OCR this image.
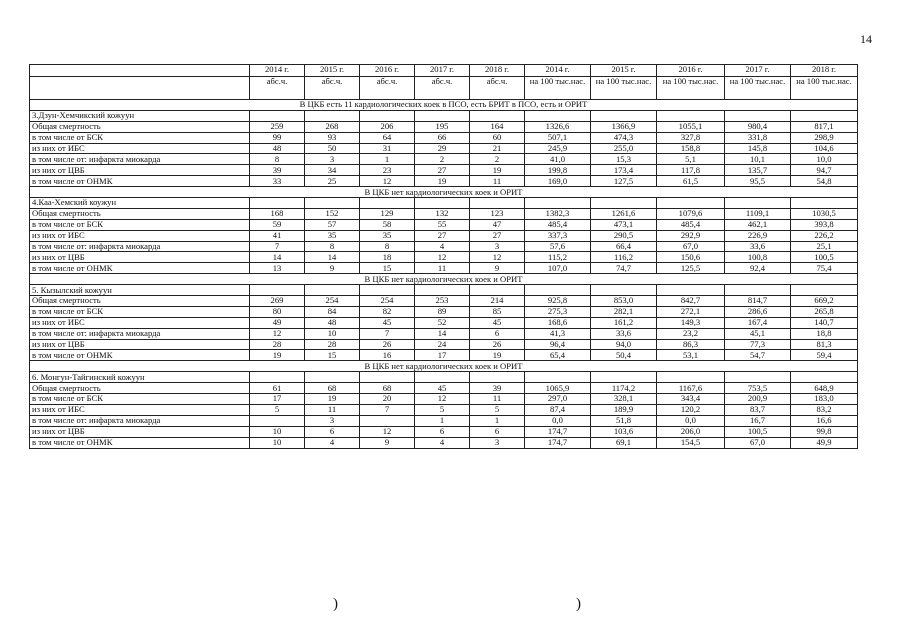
14
	2014 г.	2015 г.	2016 г.	2017 г.	2018 г.	2014 г.	2015 г.	2016 г.	2017 г.	2018 г.
	абс.ч.	абс.ч.	абс.ч.	абс.ч.	абс.ч.	на 100 тыс.нас.	на 100 тыс.нас.	на 100 тыс.нас.	на 100 тыс.нас.	на 100 тыс.нас.
В ЦКБ есть 11 кардиологических коек в ПСО, есть БРИТ в ПСО, есть и ОРИТ										
3.Дзун-Хемчикский кожуун										
Общая смертность	259	268	206	195	164	1326,6	1366,9	1055,1	980,4	817,1
в том числе от БСК	99	93	64	66	60	507,1	474,3	327,8	331,8	298,9
из них от ИБС	48	50	31	29	21	245,9	255,0	158,8	145,8	104,6
в том числе от: инфаркта миокарда	8	3	1	2	2	41,0	15,3	5,1	10,1	10,0
из них от ЦВБ	39	34	23	27	19	199,8	173,4	117,8	135,7	94,7
в том числе от ОНМК	33	25	12	19	11	169,0	127,5	61,5	95,5	54,8
В ЦКБ нет кардиологических коек и ОРИТ										
4.Каа-Хемский коужун										
Общая смертность	168	152	129	132	123	1382,3	1261,6	1079,6	1109,1	1030,5
в том числе от БСК	59	57	58	55	47	485,4	473,1	485,4	462,1	393,8
из них от ИБС	41	35	35	27	27	337,3	290,5	292,9	226,9	226,2
в том числе от: инфаркта миокарда	7	8	8	4	3	57,6	66,4	67,0	33,6	25,1
из них от ЦВБ	14	14	18	12	12	115,2	116,2	150,6	100,8	100,5
в том числе от ОНМК	13	9	15	11	9	107,0	74,7	125,5	92,4	75,4
В ЦКБ нет кардиологических коек и ОРИТ										
5. Кызылский кожуун										
Общая смертность	269	254	254	253	214	925,8	853,0	842,7	814,7	669,2
в том числе от БСК	80	84	82	89	85	275,3	282,1	272,1	286,6	265,8
из них от ИБС	49	48	45	52	45	168,6	161,2	149,3	167,4	140,7
в том числе от: инфаркта миокарда	12	10	7	14	6	41,3	33,6	23,2	45,1	18,8
из них от ЦВБ	28	28	26	24	26	96,4	94,0	86,3	77,3	81,3
в том числе от ОНМК	19	15	16	17	19	65,4	50,4	53,1	54,7	59,4
В ЦКБ нет кардиологических коек и ОРИТ										
6. Монгун-Тайгинский кожуун										
Общая смертность	61	68	68	45	39	1065,9	1174,2	1167,6	753,5	648,9
в том числе от БСК	17	19	20	12	11	297,0	328,1	343,4	200,9	183,0
из них от ИБС	5	11	7	5	5	87,4	189,9	120,2	83,7	83,2
в том числе от: инфаркта миокарда		3		1	1	0,0	51,8	0,0	16,7	16,6
из них от ЦВБ	10	6	12	6	6	174,7	103,6	206,0	100,5	99,8
в том числе от ОНМК	10	4	9	4	3	174,7	69,1	154,5	67,0	49,9
)	)
